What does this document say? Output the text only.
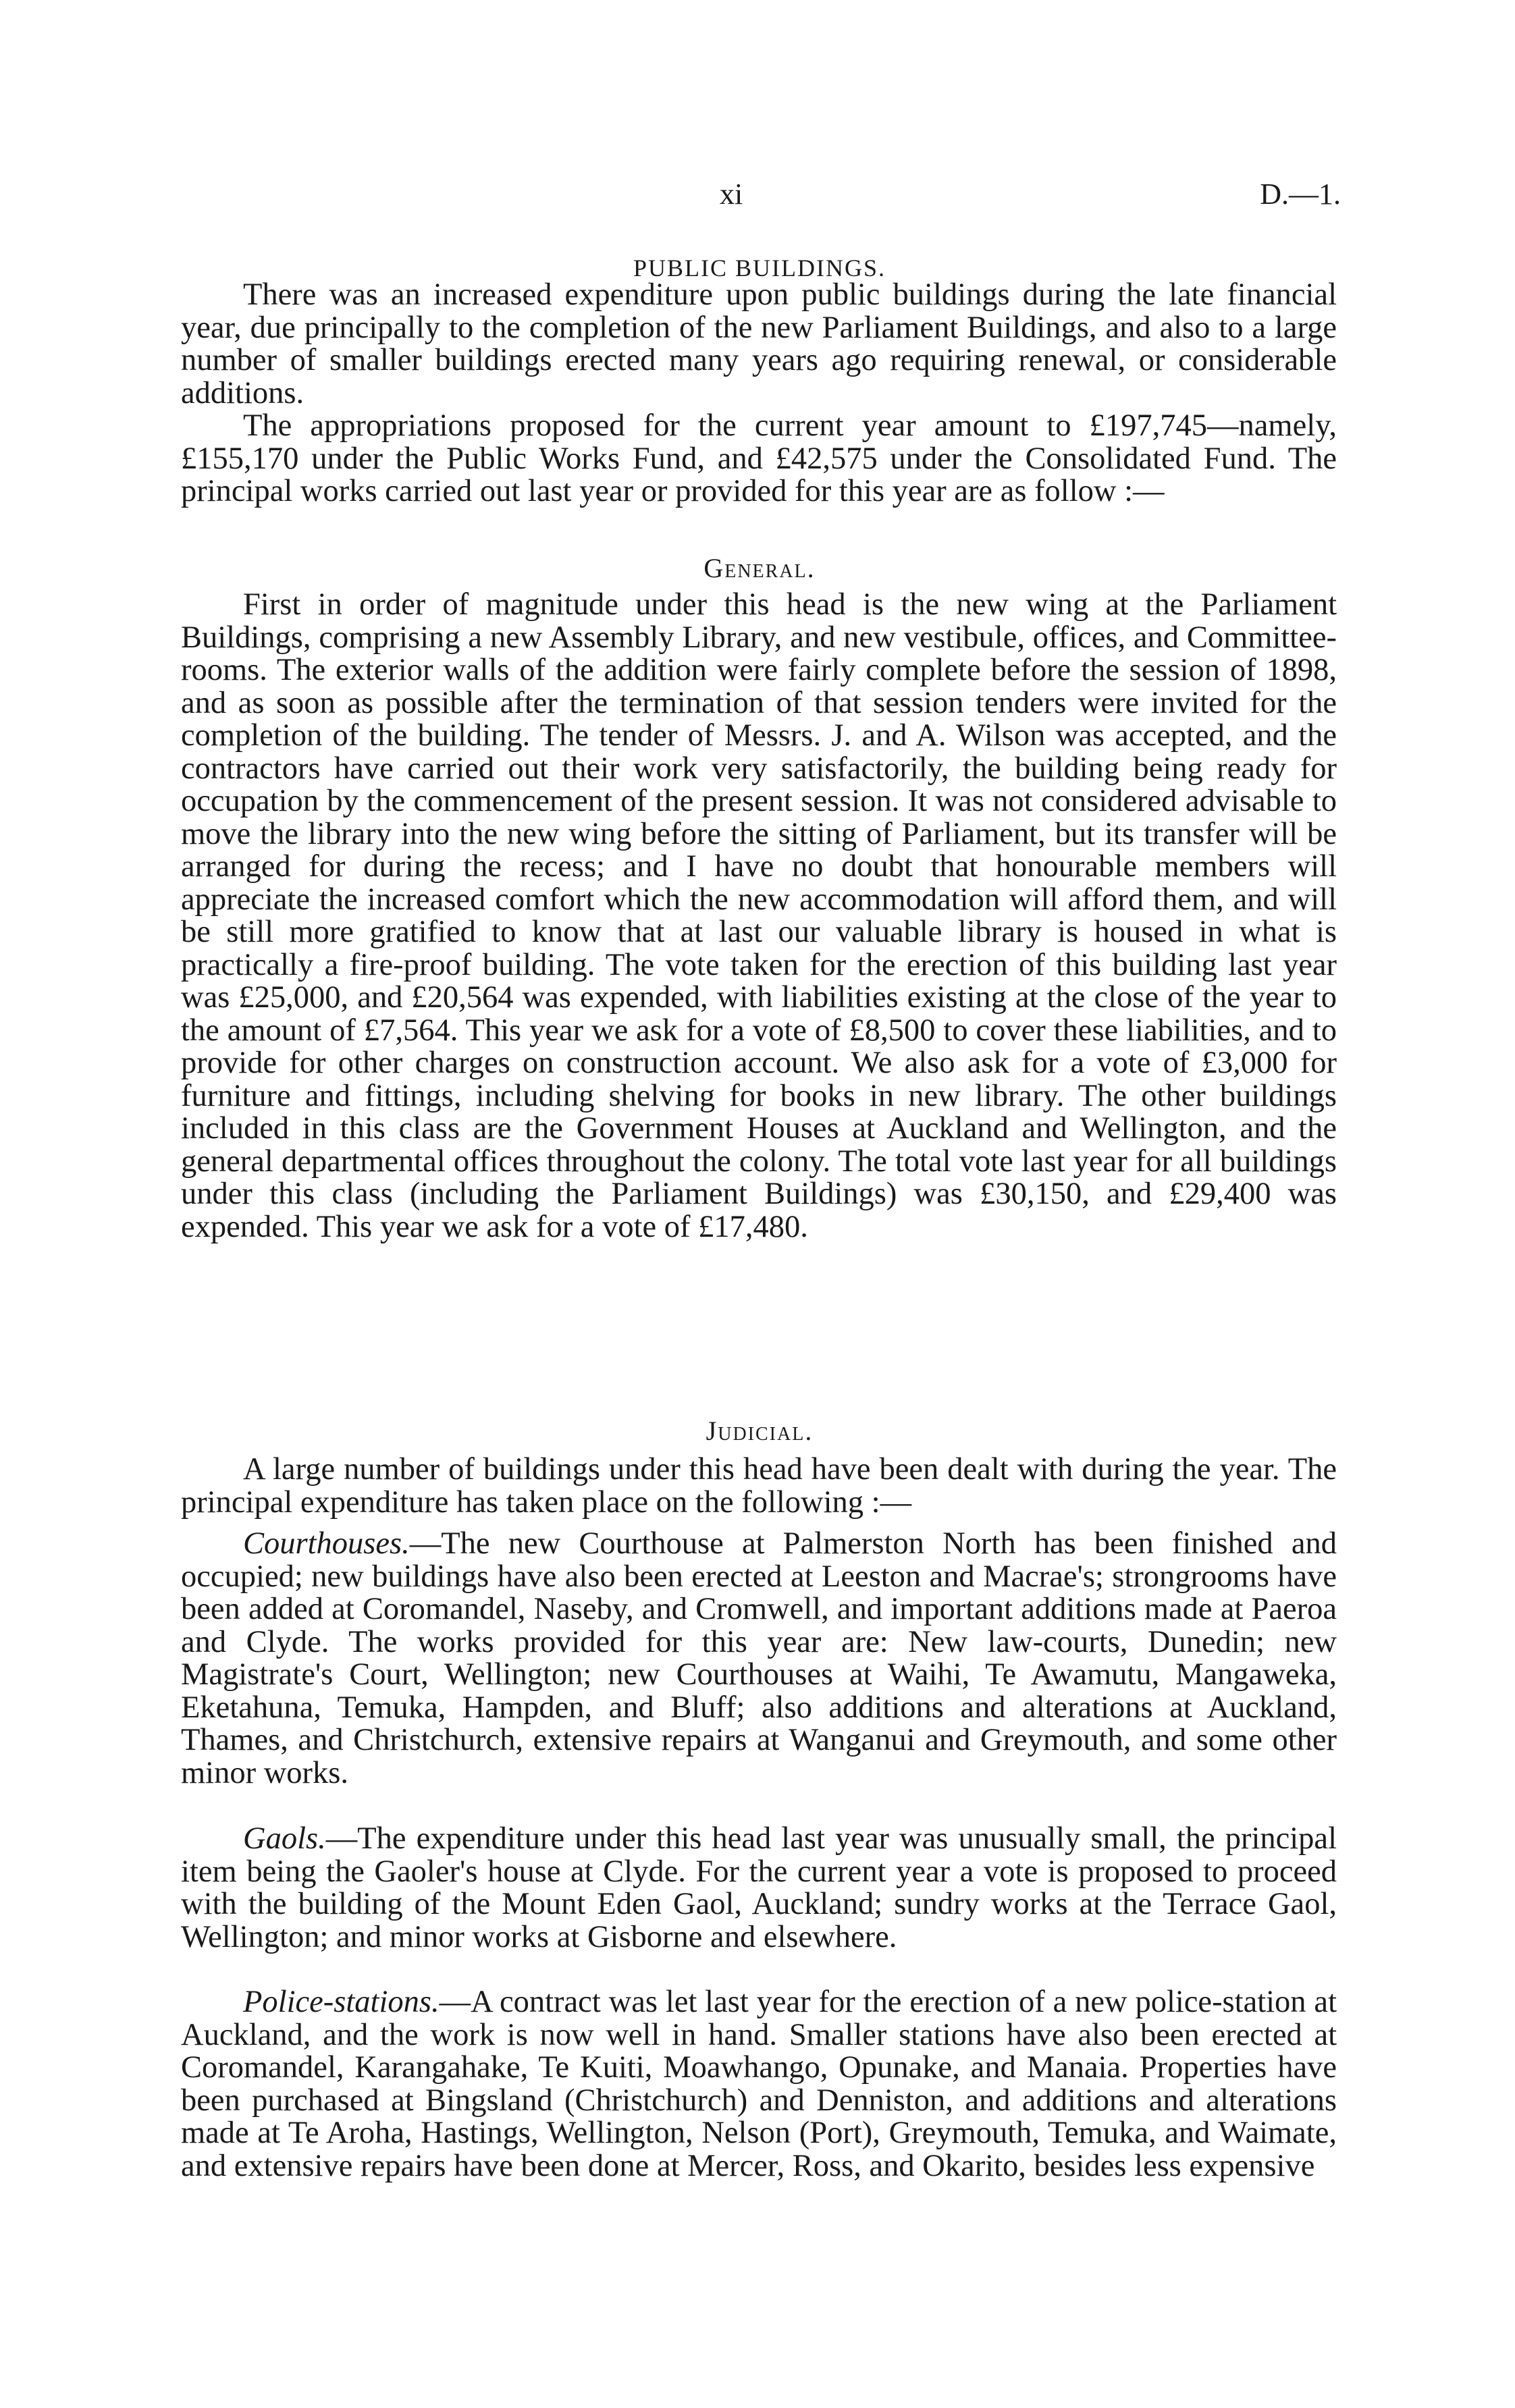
xi	D.—1.
PUBLIC BUILDINGS.

There was an increased expenditure upon public buildings during the late financial year, due principally to the completion of the new Parliament Buildings, and also to a large number of smaller buildings erected many years ago requiring renewal, or considerable additions.

The appropriations proposed for the current year amount to £197,745—namely, £155,170 under the Public Works Fund, and £42,575 under the Consolidated Fund. The principal works carried out last year or provided for this year are as follow :—

General.

First in order of magnitude under this head is the new wing at the Parliament Buildings, comprising a new Assembly Library, and new vestibule, offices, and Committee-rooms. The exterior walls of the addition were fairly complete before the session of 1898, and as soon as possible after the termination of that session tenders were invited for the completion of the building. The tender of Messrs. J. and A. Wilson was accepted, and the contractors have carried out their work very satisfactorily, the building being ready for occupation by the commencement of the present session. It was not considered advisable to move the library into the new wing before the sitting of Parliament, but its transfer will be arranged for during the recess; and I have no doubt that honourable members will appreciate the increased comfort which the new accommodation will afford them, and will be still more gratified to know that at last our valuable library is housed in what is practically a fire-proof building. The vote taken for the erection of this building last year was £25,000, and £20,564 was expended, with liabilities existing at the close of the year to the amount of £7,564. This year we ask for a vote of £8,500 to cover these liabilities, and to provide for other charges on construction account. We also ask for a vote of £3,000 for furniture and fittings, including shelving for books in new library. The other buildings included in this class are the Government Houses at Auckland and Wellington, and the general departmental offices throughout the colony. The total vote last year for all buildings under this class (including the Parliament Buildings) was £30,150, and £29,400 was expended. This year we ask for a vote of £17,480.

Judicial.

A large number of buildings under this head have been dealt with during the year. The principal expenditure has taken place on the following :—

Courthouses.—The new Courthouse at Palmerston North has been finished and occupied; new buildings have also been erected at Leeston and Macrae's; strongrooms have been added at Coromandel, Naseby, and Cromwell, and important additions made at Paeroa and Clyde. The works provided for this year are: New law-courts, Dunedin; new Magistrate's Court, Wellington; new Courthouses at Waihi, Te Awamutu, Mangaweka, Eketahuna, Temuka, Hampden, and Bluff; also additions and alterations at Auckland, Thames, and Christchurch, extensive repairs at Wanganui and Greymouth, and some other minor works.

Gaols.—The expenditure under this head last year was unusually small, the principal item being the Gaoler's house at Clyde. For the current year a vote is proposed to proceed with the building of the Mount Eden Gaol, Auckland; sundry works at the Terrace Gaol, Wellington; and minor works at Gisborne and elsewhere.

Police-stations.—A contract was let last year for the erection of a new police-station at Auckland, and the work is now well in hand. Smaller stations have also been erected at Coromandel, Karangahake, Te Kuiti, Moawhango, Opunake, and Manaia. Properties have been purchased at Bingsland (Christchurch) and Denniston, and additions and alterations made at Te Aroha, Hastings, Wellington, Nelson (Port), Greymouth, Temuka, and Waimate, and extensive repairs have been done at Mercer, Ross, and Okarito, besides less expensive
